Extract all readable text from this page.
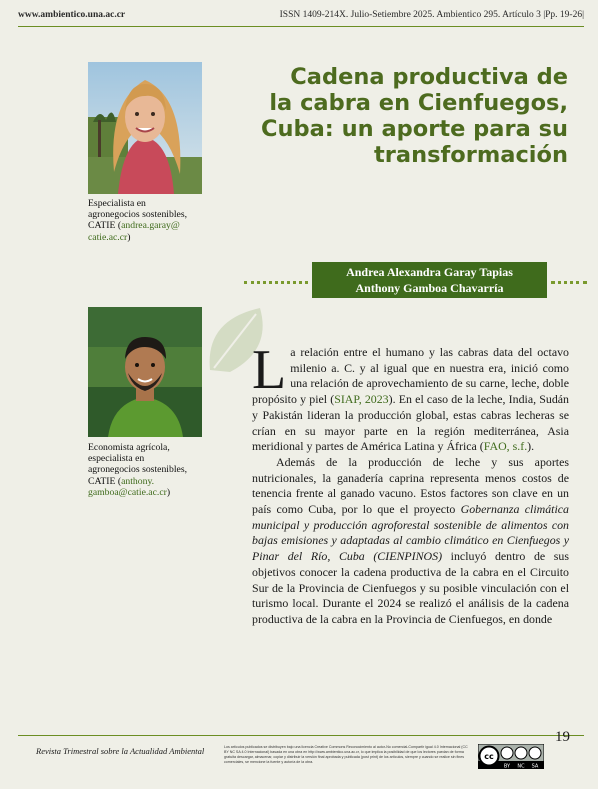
www.ambientico.una.ac.cr	ISSN 1409-214X. Julio-Setiembre 2025. Ambientico 295. Artículo 3 |Pp. 19-26|
Especialista en
agronegocios sostenibles,
CATIE (andrea.garay@
catie.ac.cr)
Economista agrícola,
especialista en
agronegocios sostenibles,
CATIE (anthony.
gamboa@catie.ac.cr)
Cadena productiva de
la cabra en Cienfuegos,
Cuba: un aporte para su
transformación
Andrea Alexandra Garay Tapias
Anthony Gamboa Chavarría

La relación entre el humano y las cabras data del octavo milenio a. C. y al igual que en nuestra era, inició como una relación de aprovechamiento de su carne, leche, doble propósito y piel (SIAP, 2023). En el caso de la leche, India, Sudán y Pakistán lideran la producción global, estas cabras lecheras se crían en su mayor parte en la región mediterránea, Asia meridional y partes de América Latina y África (FAO, s.f.).

Además de la producción de leche y sus aportes nutricionales, la ganadería caprina representa menos costos de tenencia frente al ganado vacuno. Estos factores son clave en un país como Cuba, por lo que el proyecto Gobernanza climática municipal y producción agroforestal sostenible de alimentos con bajas emisiones y adaptadas al cambio climático en Cienfuegos y Pinar del Río, Cuba (CIENPINOS) incluyó dentro de sus objetivos conocer la cadena productiva de la cabra en el Circuito Sur de la Provincia de Cienfuegos y su posible vinculación con el turismo local. Durante el 2024 se realizó el análisis de la cadena productiva de la cabra en la Provincia de Cienfuegos, en donde

19
Revista Trimestral sobre la Actualidad Ambiental	Los artículos publicados se distribuyen bajo una licencia Creative Commons Reconocimiento al autor-No comercial-Compartir igual 4.0 Internacional (CC BY NC SA 4.0 Internacional) basada en una obra en http://www.ambientico.una.ac.cr, lo que implica la posibilidad de que los lectores puedan de forma gratuita descargar, almacenar, copiar y distribuir la versión final aprobada y publicada (post print) de los artículos, siempre y cuando se realice sin fines comerciales, se mencione la fuente y autoría de la obra.
cc
BY NC SA
